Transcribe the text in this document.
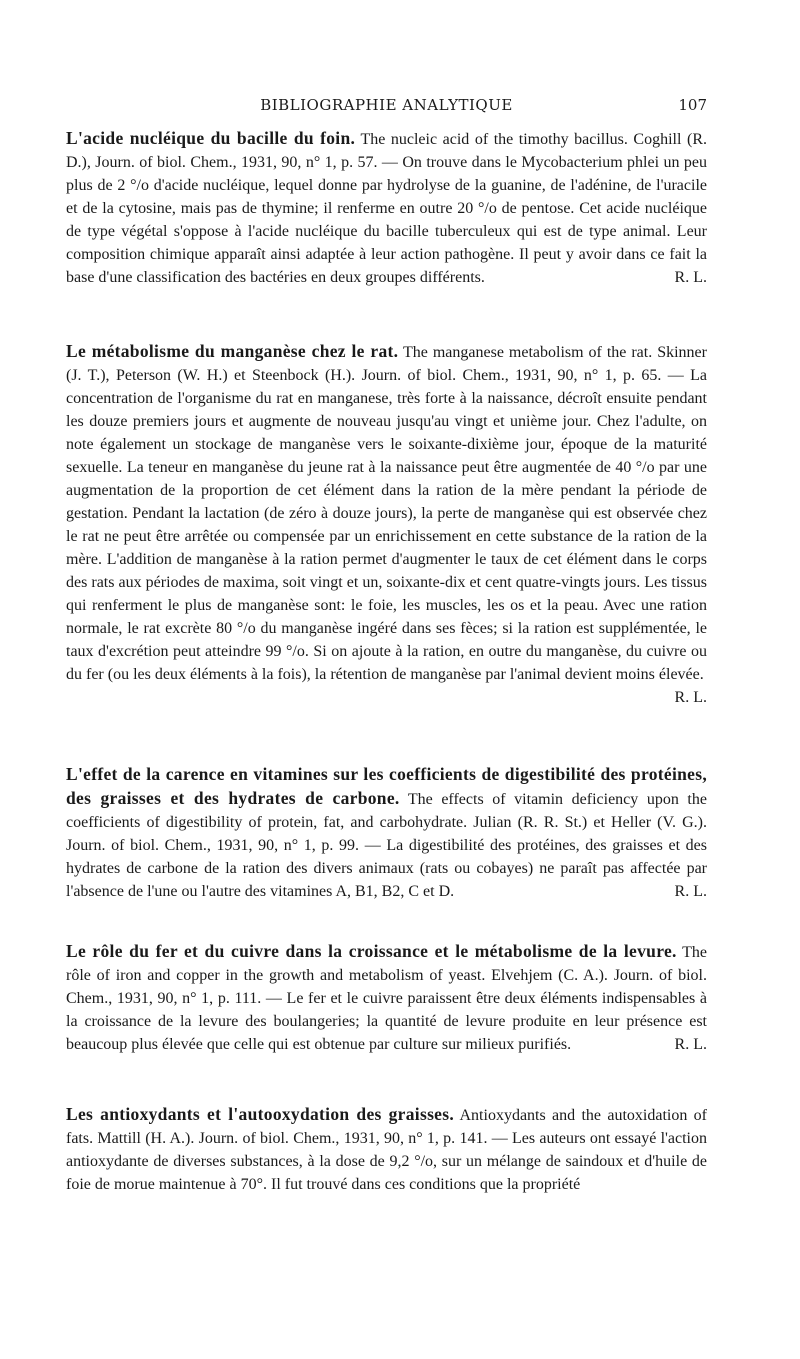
BIBLIOGRAPHIE ANALYTIQUE	107
L'acide nucléique du bacille du foin. The nucleic acid of the timothy bacillus. Coghill (R. D.), Journ. of biol. Chem., 1931, 90, n° 1, p. 57. — On trouve dans le Mycobacterium phlei un peu plus de 2 °/o d'acide nucléique, lequel donne par hydrolyse de la guanine, de l'adénine, de l'uracile et de la cytosine, mais pas de thymine; il renferme en outre 20 °/o de pentose. Cet acide nucléique de type végétal s'oppose à l'acide nucléique du bacille tuberculeux qui est de type animal. Leur composition chimique apparaît ainsi adaptée à leur action pathogène. Il peut y avoir dans ce fait la base d'une classification des bactéries en deux groupes différents.	R. L.
Le métabolisme du manganèse chez le rat. The manganese metabolism of the rat. Skinner (J. T.), Peterson (W. H.) et Steenbock (H.). Journ. of biol. Chem., 1931, 90, n° 1, p. 65. — La concentration de l'organisme du rat en manganese, très forte à la naissance, décroît ensuite pendant les douze premiers jours et augmente de nouveau jusqu'au vingt et unième jour. Chez l'adulte, on note également un stockage de manganèse vers le soixante-dixième jour, époque de la maturité sexuelle. La teneur en manganèse du jeune rat à la naissance peut être augmentée de 40 °/o par une augmentation de la proportion de cet élément dans la ration de la mère pendant la période de gestation. Pendant la lactation (de zéro à douze jours), la perte de manganèse qui est observée chez le rat ne peut être arrêtée ou compensée par un enrichissement en cette substance de la ration de la mère. L'addition de manganèse à la ration permet d'augmenter le taux de cet élément dans le corps des rats aux périodes de maxima, soit vingt et un, soixante-dix et cent quatre-vingts jours. Les tissus qui renferment le plus de manganèse sont: le foie, les muscles, les os et la peau. Avec une ration normale, le rat excrète 80 °/o du manganèse ingéré dans ses fèces; si la ration est supplémentée, le taux d'excrétion peut atteindre 99 °/o. Si on ajoute à la ration, en outre du manganèse, du cuivre ou du fer (ou les deux éléments à la fois), la rétention de manganèse par l'animal devient moins élevée.
R. L.
L'effet de la carence en vitamines sur les coefficients de digestibilité des protéines, des graisses et des hydrates de carbone. The effects of vitamin deficiency upon the coefficients of digestibility of protein, fat, and carbohydrate. Julian (R. R. St.) et Heller (V. G.). Journ. of biol. Chem., 1931, 90, n° 1, p. 99. — La digestibilité des protéines, des graisses et des hydrates de carbone de la ration des divers animaux (rats ou cobayes) ne paraît pas affectée par l'absence de l'une ou l'autre des vitamines A, B1, B2, C et D.	R. L.
Le rôle du fer et du cuivre dans la croissance et le métabolisme de la levure. The rôle of iron and copper in the growth and metabolism of yeast. Elvehjem (C. A.). Journ. of biol. Chem., 1931, 90, n° 1, p. 111. — Le fer et le cuivre paraissent être deux éléments indispensables à la croissance de la levure des boulangeries; la quantité de levure produite en leur présence est beaucoup plus élevée que celle qui est obtenue par culture sur milieux purifiés.	R. L.
Les antioxydants et l'autooxydation des graisses. Antioxydants and the autoxidation of fats. Mattill (H. A.). Journ. of biol. Chem., 1931, 90, n° 1, p. 141. — Les auteurs ont essayé l'action antioxydante de diverses substances, à la dose de 9,2 °/o, sur un mélange de saindoux et d'huile de foie de morue maintenue à 70°. Il fut trouvé dans ces conditions que la propriété
